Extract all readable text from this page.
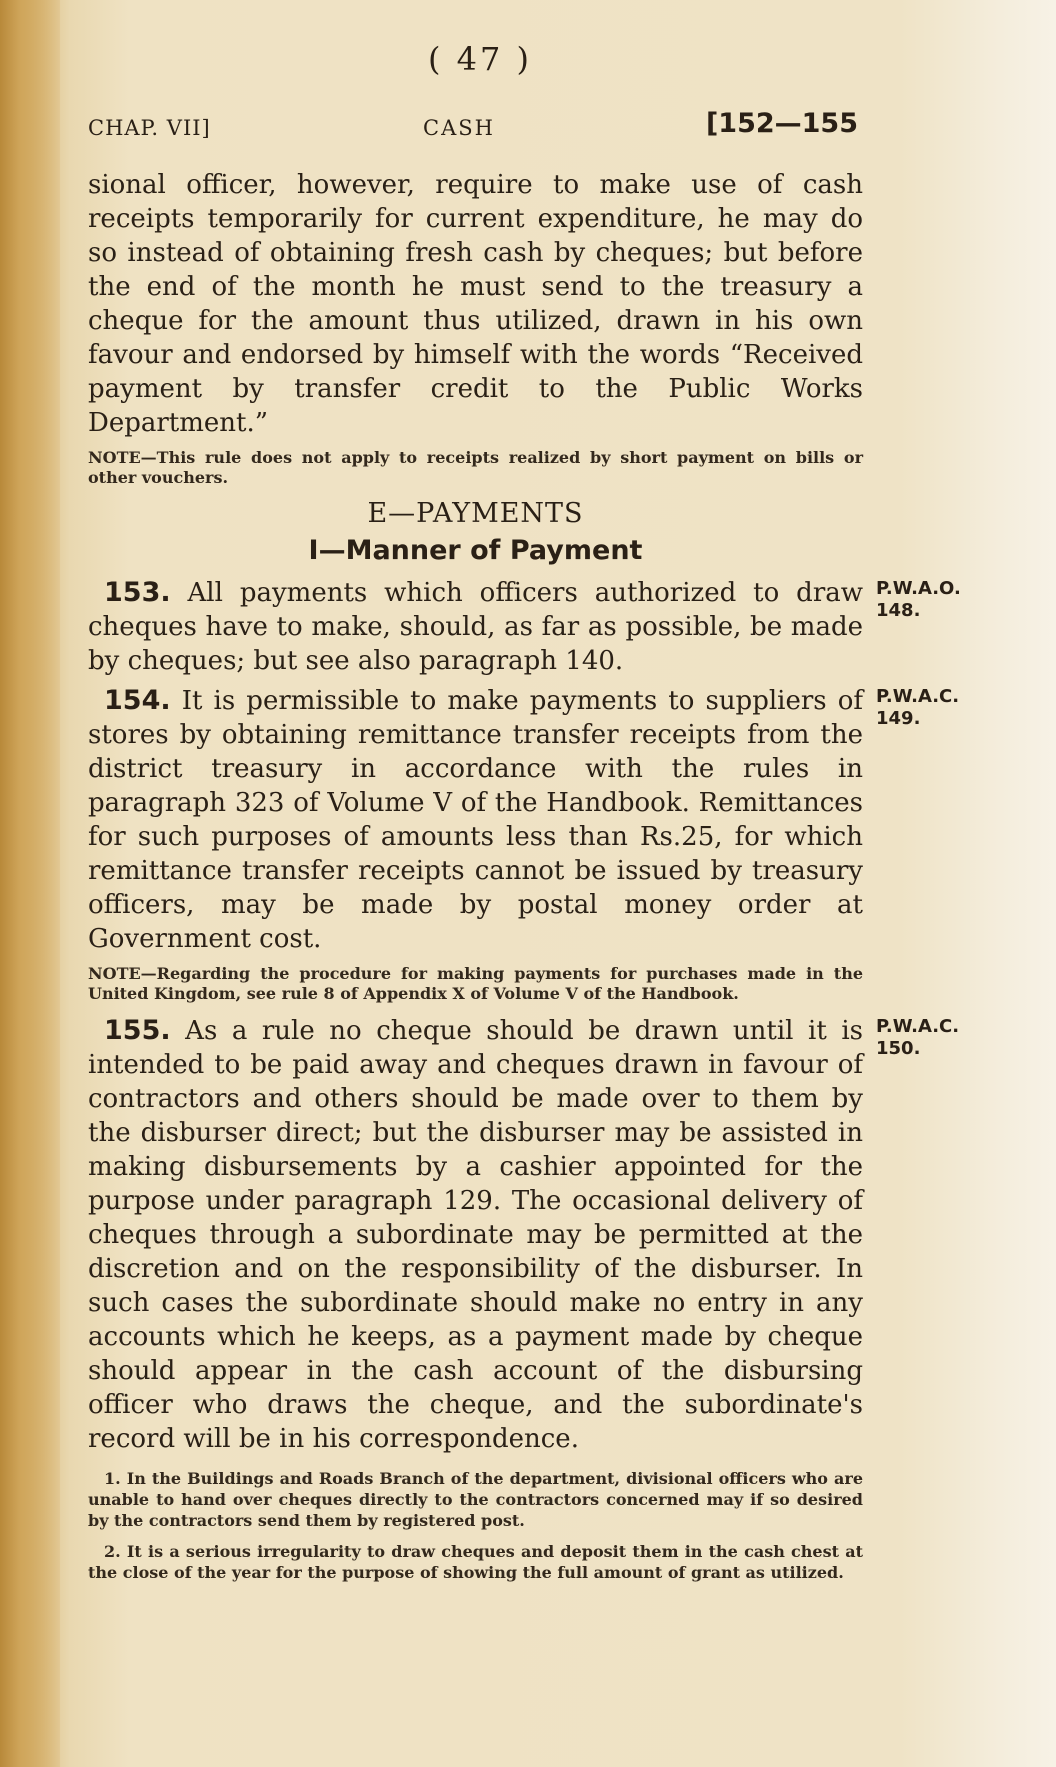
( 47 )
CHAP. VII]	CASH	[152—155

sional officer, however, require to make use of cash receipts temporarily for current expenditure, he may do so instead of obtaining fresh cash by cheques; but before the end of the month he must send to the treasury a cheque for the amount thus utilized, drawn in his own favour and endorsed by himself with the words “Received payment by transfer credit to the Public Works Department.”

NOTE—This rule does not apply to receipts realized by short payment on bills or other vouchers.

E—PAYMENTS
I—Manner of Payment

153. All payments which officers authorized to draw cheques have to make, should, as far as possible, be made by cheques; but see also paragraph 140.
P.W.A.O. 148.

154. It is permissible to make payments to suppliers of stores by obtaining remittance transfer receipts from the district treasury in accordance with the rules in paragraph 323 of Volume V of the Handbook. Remittances for such purposes of amounts less than Rs.25, for which remittance transfer receipts cannot be issued by treasury officers, may be made by postal money order at Government cost.
P.W.A.C. 149.

NOTE—Regarding the procedure for making payments for purchases made in the United Kingdom, see rule 8 of Appendix X of Volume V of the Handbook.

155. As a rule no cheque should be drawn until it is intended to be paid away and cheques drawn in favour of contractors and others should be made over to them by the disburser direct; but the disburser may be assisted in making disbursements by a cashier appointed for the purpose under paragraph 129. The occasional delivery of cheques through a subordinate may be permitted at the discretion and on the responsibility of the disburser. In such cases the subordinate should make no entry in any accounts which he keeps, as a payment made by cheque should appear in the cash account of the disbursing officer who draws the cheque, and the subordinate's record will be in his correspondence.
P.W.A.C. 150.

1. In the Buildings and Roads Branch of the department, divisional officers who are unable to hand over cheques directly to the contractors concerned may if so desired by the contractors send them by registered post.

2. It is a serious irregularity to draw cheques and deposit them in the cash chest at the close of the year for the purpose of showing the full amount of grant as utilized.
